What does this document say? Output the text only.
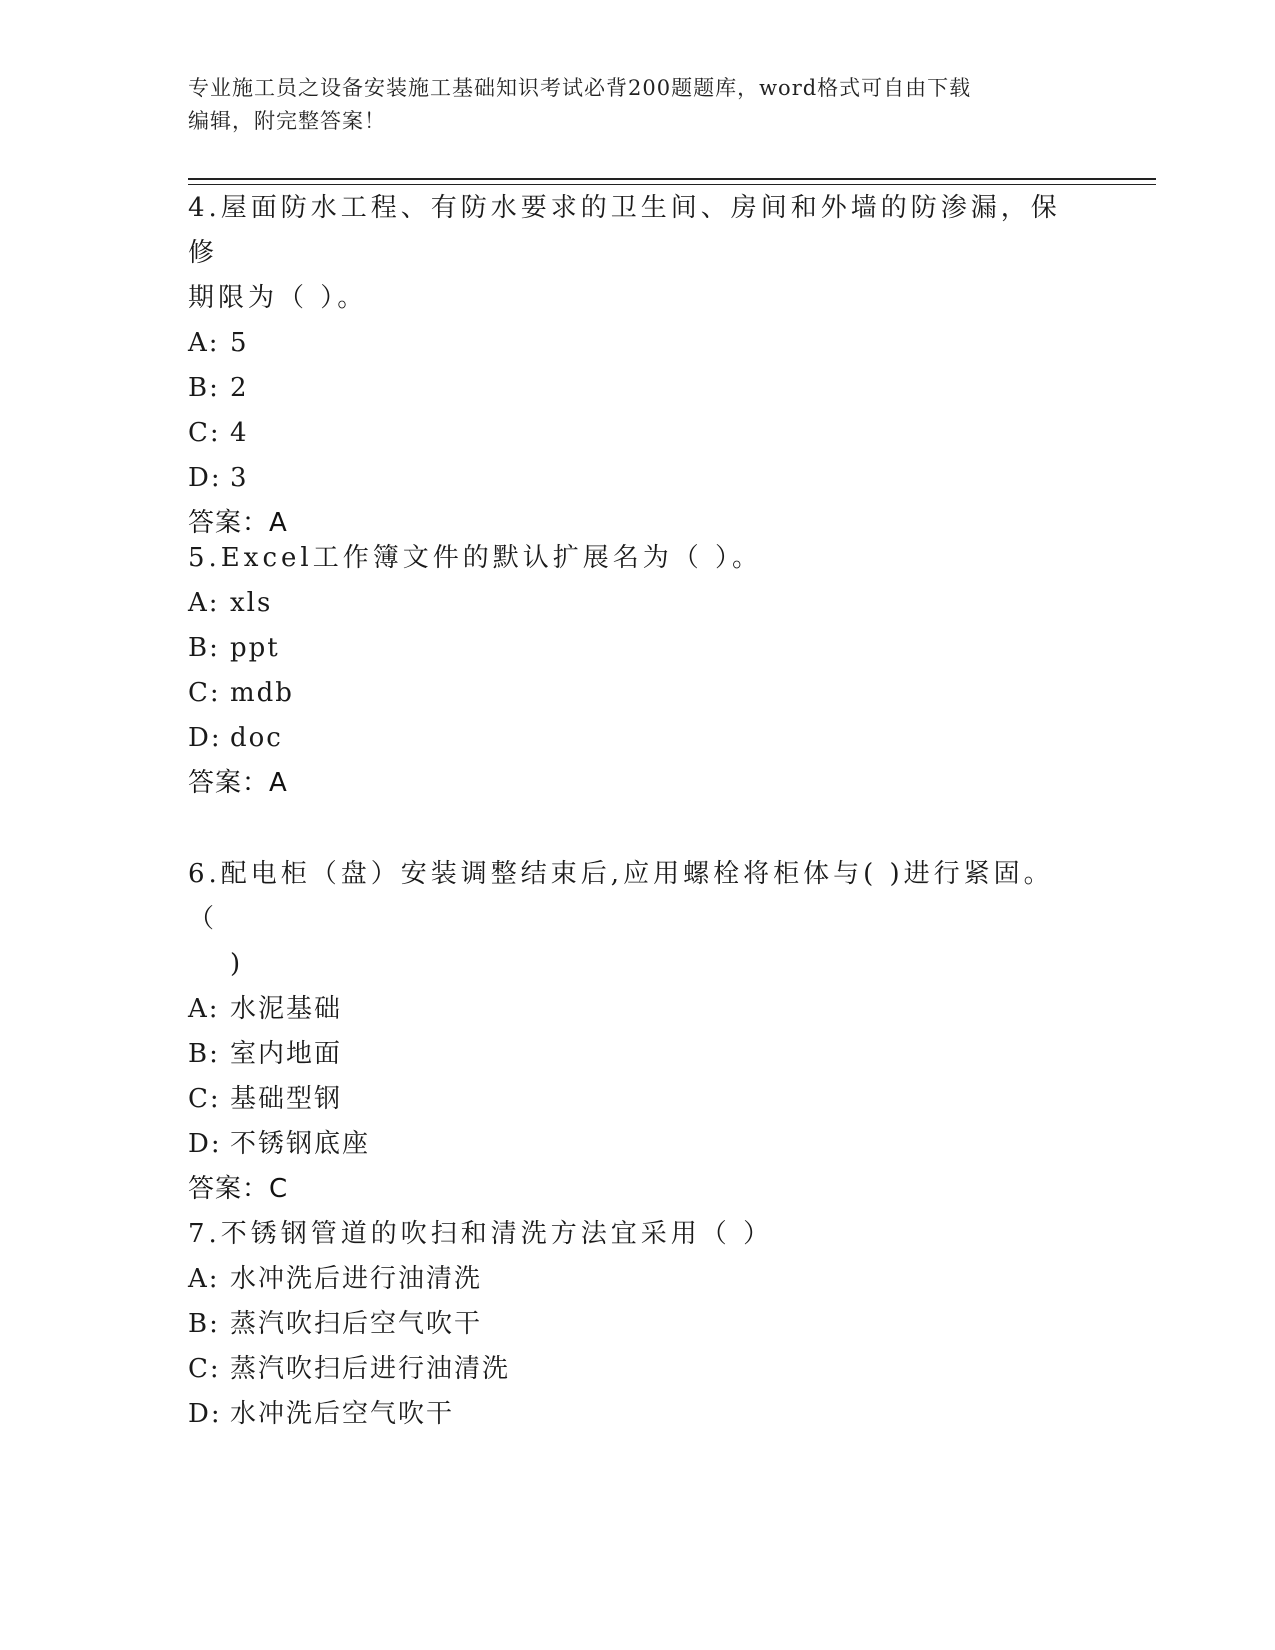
专业施工员之设备安装施工基础知识考试必背200题题库，word格式可自由下载
编辑，附完整答案！

4.屋面防水工程、有防水要求的卫生间、房间和外墙的防渗漏，保修
期限为（ ）。

A: 5
B: 2
C: 4
D: 3
答案：A

5.Excel工作簿文件的默认扩展名为（ ）。

A: xls
B: ppt
C: mdb
D: doc
答案：A

6.配电柜（盘）安装调整结束后,应用螺栓将柜体与( )进行紧固。（
)

A: 水泥基础
B: 室内地面
C: 基础型钢
D: 不锈钢底座
答案：C

7.不锈钢管道的吹扫和清洗方法宜采用（ ）

A: 水冲洗后进行油清洗
B: 蒸汽吹扫后空气吹干
C: 蒸汽吹扫后进行油清洗
D: 水冲洗后空气吹干
